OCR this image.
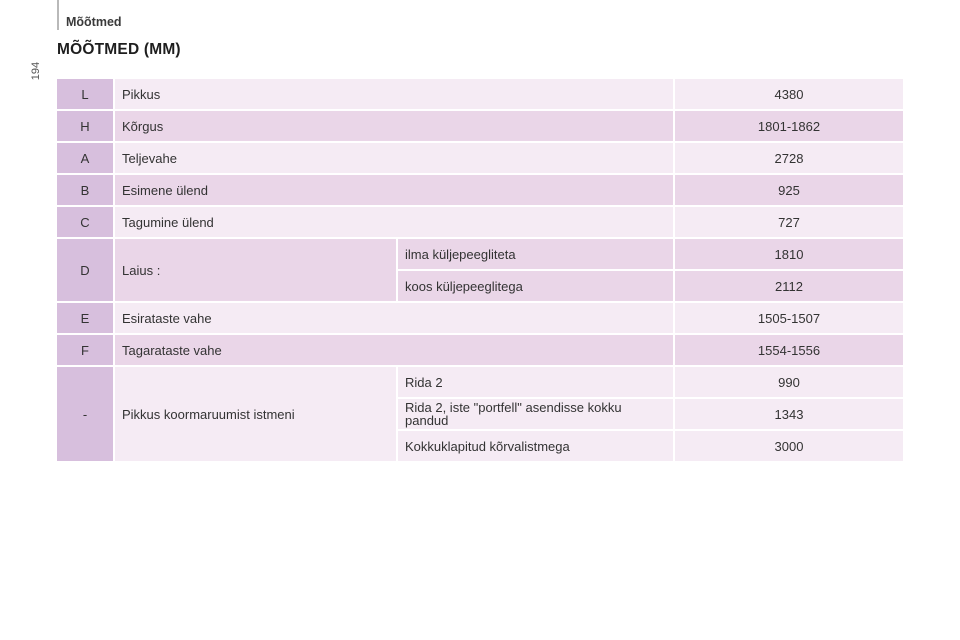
Mõõtmed
194
MÕÕTMED (MM)
L	Pikkus		4380
H	Kõrgus		1801-1862
A	Teljevahe		2728
B	Esimene ülend		925
C	Tagumine ülend		727
D	Laius :	ilma küljepeegliteta	1810
		koos küljepeeglitega	2112
E	Esirataste vahe		1505-1507
F	Tagarataste vahe		1554-1556
-	Pikkus koormaruumist istmeni	Rida 2	990
		Rida 2, iste "portfell" asendisse kokku pandud	1343
		Kokkuklapitud kõrvalistmega	3000
